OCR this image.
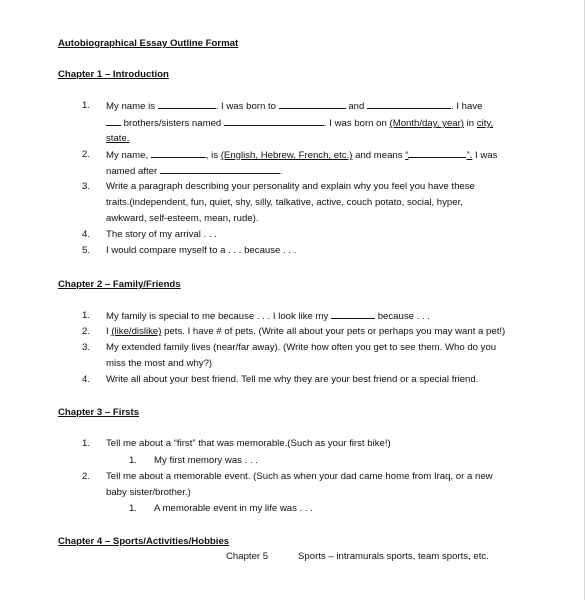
Autobiographical Essay Outline Format
Chapter 1 – Introduction
1. My name is	. I was born to	and	. I have
brothers/sisters named	. I was born on (Month/day, year) in city,
state.
2. My name,	, is (English, Hebrew, French, etc.) and means “	”. I was
named after	.
3. Write a paragraph describing your personality and explain why you feel you have these
traits.(independent, fun, quiet, shy, silly, talkative, active, couch potato, social, hyper,
awkward, self-esteem, mean, rude).
4. The story of my arrival . . .
5. I would compare myself to a . . . because . . .
Chapter 2 – Family/Friends
1. My family is special to me because . . . I look like my	because . . .
2. I (like/dislike) pets. I have # of pets. (Write all about your pets or perhaps you may want a pet!)
3. My extended family lives (near/far away). (Write how often you get to see them. Who do you
miss the most and why?)
4. Write all about your best friend. Tell me why they are your best friend or a special friend.
Chapter 3 – Firsts
1. Tell me about a “first” that was memorable.(Such as your first bike!)
1. My first memory was . . .
2. Tell me about a memorable event. (Such as when your dad came home from Iraq, or a new
baby sister/brother.)
1. A memorable event in my life was . . .
Chapter 4 – Sports/Activities/Hobbies
Chapter 5	Sports – intramurals sports, team sports, etc.
